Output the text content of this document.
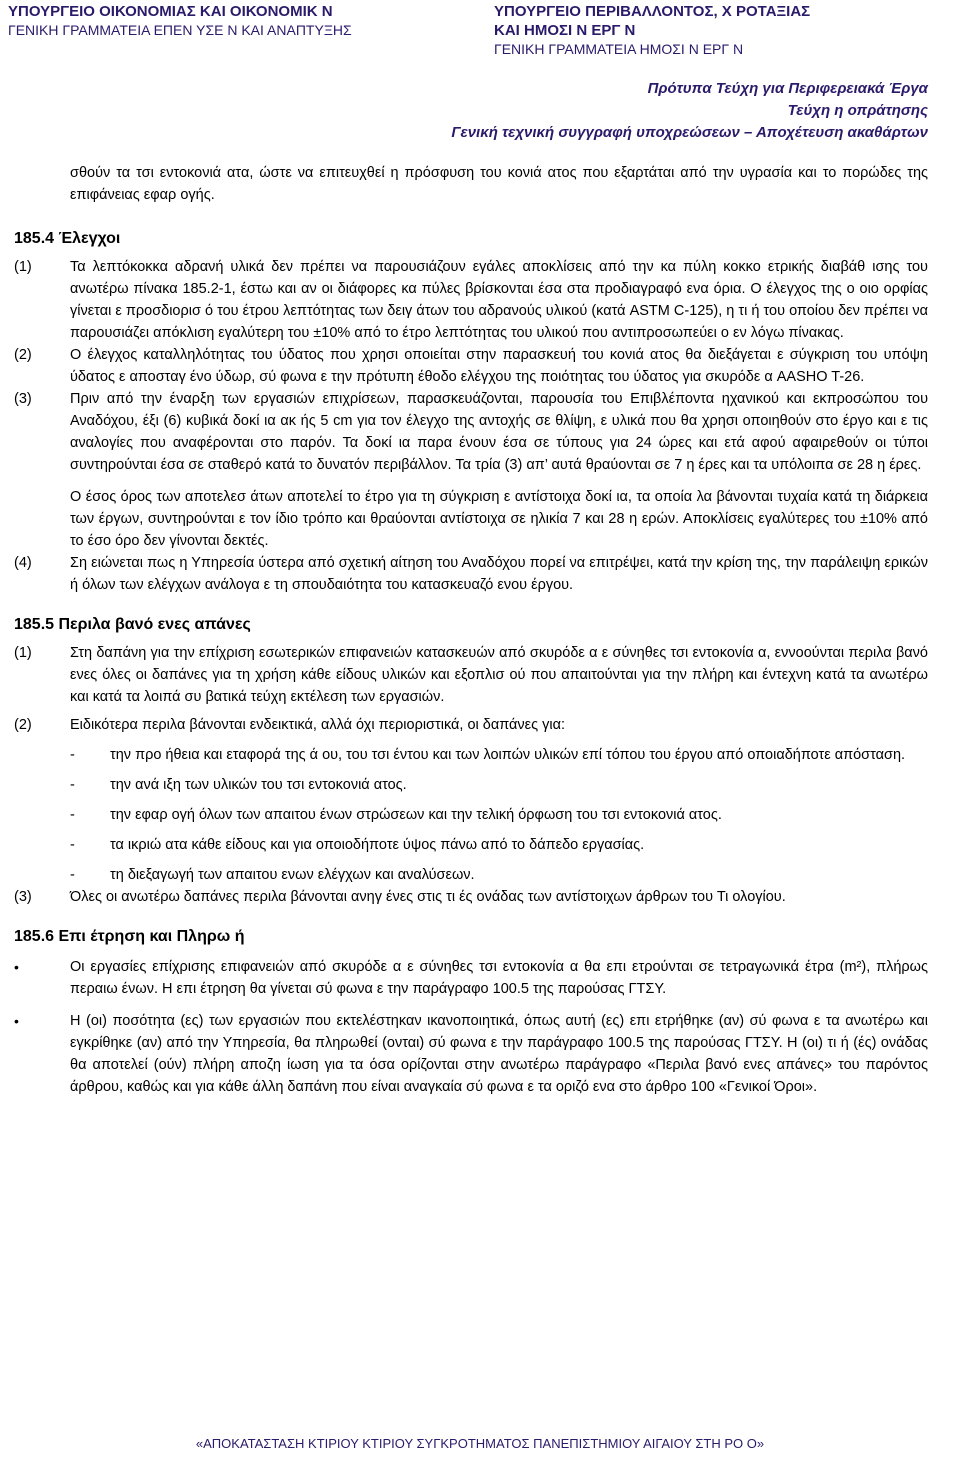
ΥΠΟΥΡΓΕΙΟ ΟΙΚΟΝΟΜΙΑΣ ΚΑΙ ΟΙΚΟΝΟΜΙΚ Ν
ΓΕΝΙΚΗ ΓΡΑΜΜΑΤΕΙΑ ΕΠΕΝ ΥΣΕ Ν ΚΑΙ ΑΝΑΠΤΥΞΗΣ
ΥΠΟΥΡΓΕΙΟ ΠΕΡΙΒΑΛΛΟΝΤΟΣ, Χ ΡΟΤΑΞΙΑΣ
ΚΑΙ ΗΜΟΣΙ Ν ΕΡΓ Ν
ΓΕΝΙΚΗ ΓΡΑΜΜΑΤΕΙΑ ΗΜΟΣΙ Ν ΕΡΓ Ν
Πρότυπα Τεύχη για Περιφερειακά Έργα
Τεύχη η οπράτησης
Γενική τεχνική συγγραφή υποχρεώσεων – Αποχέτευση ακαθάρτων

σθούν τα τσι εντοκονιά ατα, ώστε να επιτευχθεί η πρόσφυση του κονιά ατος που εξαρτάται από την υγρασία και το πορώδες της επιφάνειας εφαρ ογής.

185.4 Έλεγχοι
(1)	Τα λεπτόκοκκα αδρανή υλικά δεν πρέπει να παρουσιάζουν εγάλες αποκλίσεις από την κα πύλη κοκκο ετρικής διαβάθ ισης του ανωτέρω πίνακα 185.2-1, έστω και αν οι διάφορες κα πύλες βρίσκονται έσα στα προδιαγραφό ενα όρια. Ο έλεγχος της ο οιο ορφίας γίνεται ε προσδιορισ ό του έτρου λεπτότητας των δειγ άτων του αδρανούς υλικού (κατά ASTM C-125), η τι ή του οποίου δεν πρέπει να παρουσιάζει απόκλιση εγαλύτερη του ±10% από το έτρο λεπτότητας του υλικού που αντιπροσωπεύει ο εν λόγω πίνακας.
(2)	Ο έλεγχος καταλληλότητας του ύδατος που χρησι οποιείται στην παρασκευή του κονιά ατος θα διεξάγεται ε σύγκριση του υπόψη ύδατος ε αποσταγ ένο ύδωρ, σύ φωνα ε την πρότυπη έθοδο ελέγχου της ποιότητας του ύδατος για σκυρόδε α AASHO T-26.
(3)	Πριν από την έναρξη των εργασιών επιχρίσεων, παρασκευάζονται, παρουσία του Επιβλέποντα ηχανικού και εκπροσώπου του Αναδόχου, έξι (6) κυβικά δοκί ια ακ ής 5 cm για τον έλεγχο της αντοχής σε θλίψη, ε υλικά που θα χρησι οποιηθούν στο έργο και ε τις αναλογίες που αναφέρονται στο παρόν. Τα δοκί ια παρα ένουν έσα σε τύπους για 24 ώρες και ετά αφού αφαιρεθούν οι τύποι συντηρούνται έσα σε σταθερό κατά το δυνατόν περιβάλλον. Τα τρία (3) απ’ αυτά θραύονται σε 7 η έρες και τα υπόλοιπα σε 28 η έρες.
Ο έσος όρος των αποτελεσ άτων αποτελεί το έτρο για τη σύγκριση ε αντίστοιχα δοκί ια, τα οποία λα βάνονται τυχαία κατά τη διάρκεια των έργων, συντηρούνται ε τον ίδιο τρόπο και θραύονται αντίστοιχα σε ηλικία 7 και 28 η ερών. Αποκλίσεις εγαλύτερες του ±10% από το έσο όρο δεν γίνονται δεκτές.
(4)	Ση ειώνεται πως η Υπηρεσία ύστερα από σχετική αίτηση του Αναδόχου πορεί να επιτρέψει, κατά την κρίση της, την παράλειψη ερικών ή όλων των ελέγχων ανάλογα ε τη σπουδαιότητα του κατασκευαζό ενου έργου.
185.5 Περιλα βανό ενες απάνες
(1)	Στη δαπάνη για την επίχριση εσωτερικών επιφανειών κατασκευών από σκυρόδε α ε σύνηθες τσι εντοκονία α, εννοούνται περιλα βανό ενες όλες οι δαπάνες για τη χρήση κάθε είδους υλικών και εξοπλισ ού που απαιτούνται για την πλήρη και έντεχνη κατά τα ανωτέρω και κατά τα λοιπά συ βατικά τεύχη εκτέλεση των εργασιών.
(2)	Ειδικότερα περιλα βάνονται ενδεικτικά, αλλά όχι περιοριστικά, οι δαπάνες για:
-	την προ ήθεια και εταφορά της ά ου, του τσι έντου και των λοιπών υλικών επί τόπου του έργου από οποιαδήποτε απόσταση.
-	την ανά ιξη των υλικών του τσι εντοκονιά ατος.
-	την εφαρ ογή όλων των απαιτου ένων στρώσεων και την τελική όρφωση του τσι εντοκονιά ατος.
-	τα ικριώ ατα κάθε είδους και για οποιοδήποτε ύψος πάνω από το δάπεδο εργασίας.
-	τη διεξαγωγή των απαιτου ενων ελέγχων και αναλύσεων.
(3)	Όλες οι ανωτέρω δαπάνες περιλα βάνονται ανηγ ένες στις τι ές ονάδας των αντίστοιχων άρθρων του Τι ολογίου.
185.6 Επι έτρηση και Πληρω ή
•	Οι εργασίες επίχρισης επιφανειών από σκυρόδε α ε σύνηθες τσι εντοκονία α θα επι ετρούνται σε τετραγωνικά έτρα (m²), πλήρως περαιω ένων. Η επι έτρηση θα γίνεται σύ φωνα ε την παράγραφο 100.5 της παρούσας ΓΤΣΥ.
•	Η (οι) ποσότητα (ες) των εργασιών που εκτελέστηκαν ικανοποιητικά, όπως αυτή (ες) επι ετρήθηκε (αν) σύ φωνα ε τα ανωτέρω και εγκρίθηκε (αν) από την Υπηρεσία, θα πληρωθεί (ονται) σύ φωνα ε την παράγραφο 100.5 της παρούσας ΓΤΣΥ. Η (οι) τι ή (ές) ονάδας θα αποτελεί (ούν) πλήρη αποζη ίωση για τα όσα ορίζονται στην ανωτέρω παράγραφο «Περιλα βανό ενες απάνες» του παρόντος άρθρου, καθώς και για κάθε άλλη δαπάνη που είναι αναγκαία σύ φωνα ε τα οριζό ενα στο άρθρο 100 «Γενικοί Όροι».
«ΑΠΟΚΑΤΑΣΤΑΣΗ ΚΤΙΡΙΟΥ ΚΤΙΡΙΟΥ ΣΥΓΚΡΟΤΗΜΑΤΟΣ ΠΑΝΕΠΙΣΤΗΜΙΟΥ ΑΙΓΑΙΟΥ ΣΤΗ ΡΟ Ο»
